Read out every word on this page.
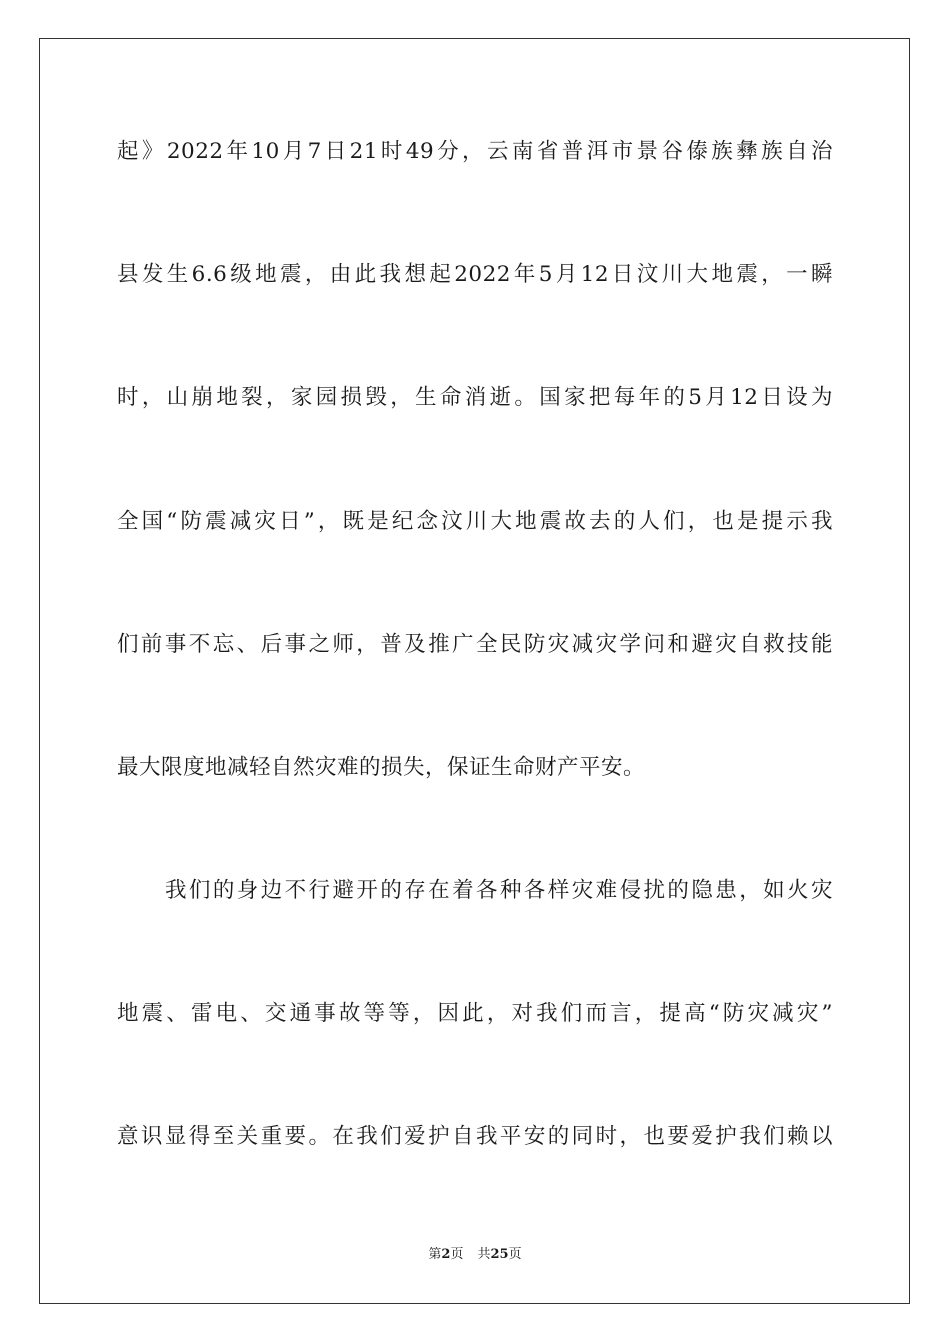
起》2022年10月7日21时49分，云南省普洱市景谷傣族彝族自治
县发生6.6级地震，由此我想起2022年5月12日汶川大地震，一瞬
时，山崩地裂，家园损毁，生命消逝。国家把每年的5月12日设为
全国“防震减灾日”，既是纪念汶川大地震故去的人们，也是提示我
们前事不忘、后事之师，普及推广全民防灾减灾学问和避灾自救技能
最大限度地减轻自然灾难的损失，保证生命财产平安。
我们的身边不行避开的存在着各种各样灾难侵扰的隐患，如火灾
地震、雷电、交通事故等等，因此，对我们而言，提高“防灾减灾”
意识显得至关重要。在我们爱护自我平安的同时，也要爱护我们赖以
第2页 共25页
